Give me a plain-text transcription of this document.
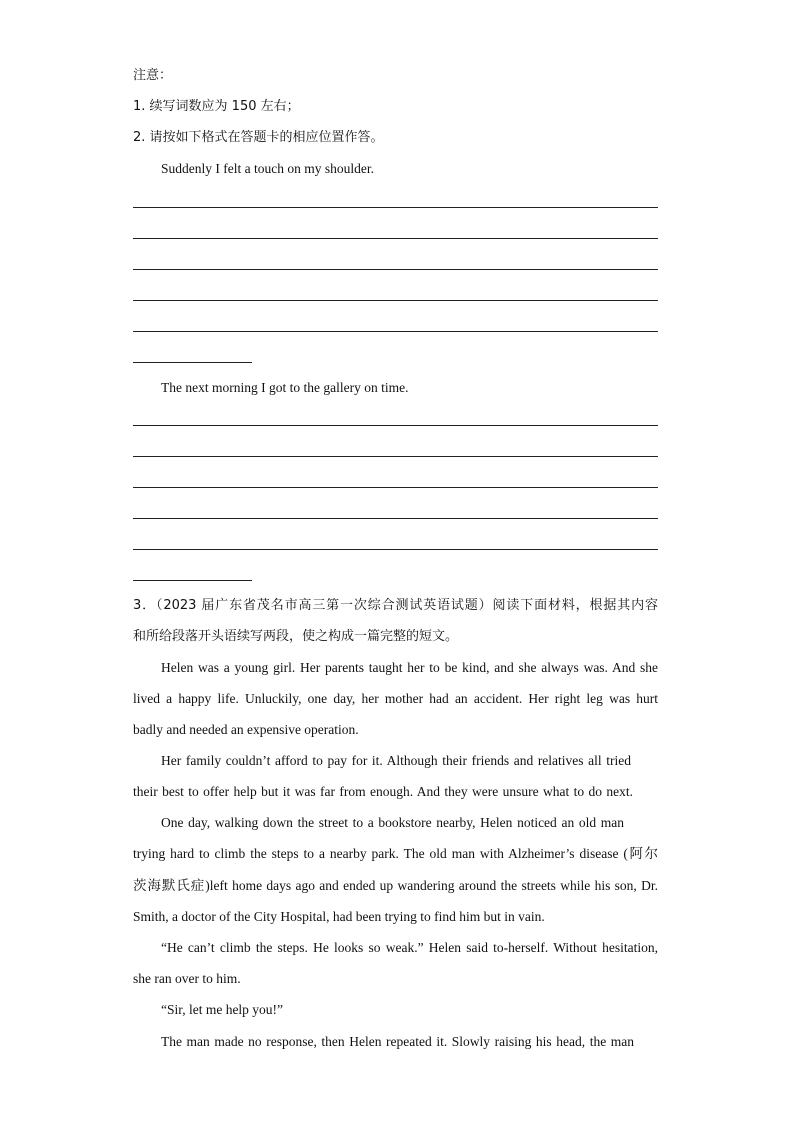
注意：
1. 续写词数应为 150 左右；
2. 请按如下格式在答题卡的相应位置作答。
Suddenly I felt a touch on my shoulder.
The next morning I got to the gallery on time.
3．（2023 届广东省茂名市高三第一次综合测试英语试题）阅读下面材料，根据其内容
和所给段落开头语续写两段，使之构成一篇完整的短文。
Helen was a young girl. Her parents taught her to be kind, and she always was. And she
lived a happy life. Unluckily, one day, her mother had an accident. Her right leg was hurt
badly and needed an expensive operation.
Her family couldn’t afford to pay for it. Although their friends and relatives all tried
their best to offer help but it was far from enough. And they were unsure what to do next.
One day, walking down the street to a bookstore nearby, Helen noticed an old man
trying hard to climb the steps to a nearby park. The old man with Alzheimer’s disease (阿尔
茨海默氏症)left home days ago and ended up wandering around the streets while his son, Dr.
Smith, a doctor of the City Hospital, had been trying to find him but in vain.
“He can’t climb the steps. He looks so weak.” Helen said to-herself. Without hesitation,
she ran over to him.
“Sir, let me help you!”
The man made no response, then Helen repeated it. Slowly raising his head, the man
